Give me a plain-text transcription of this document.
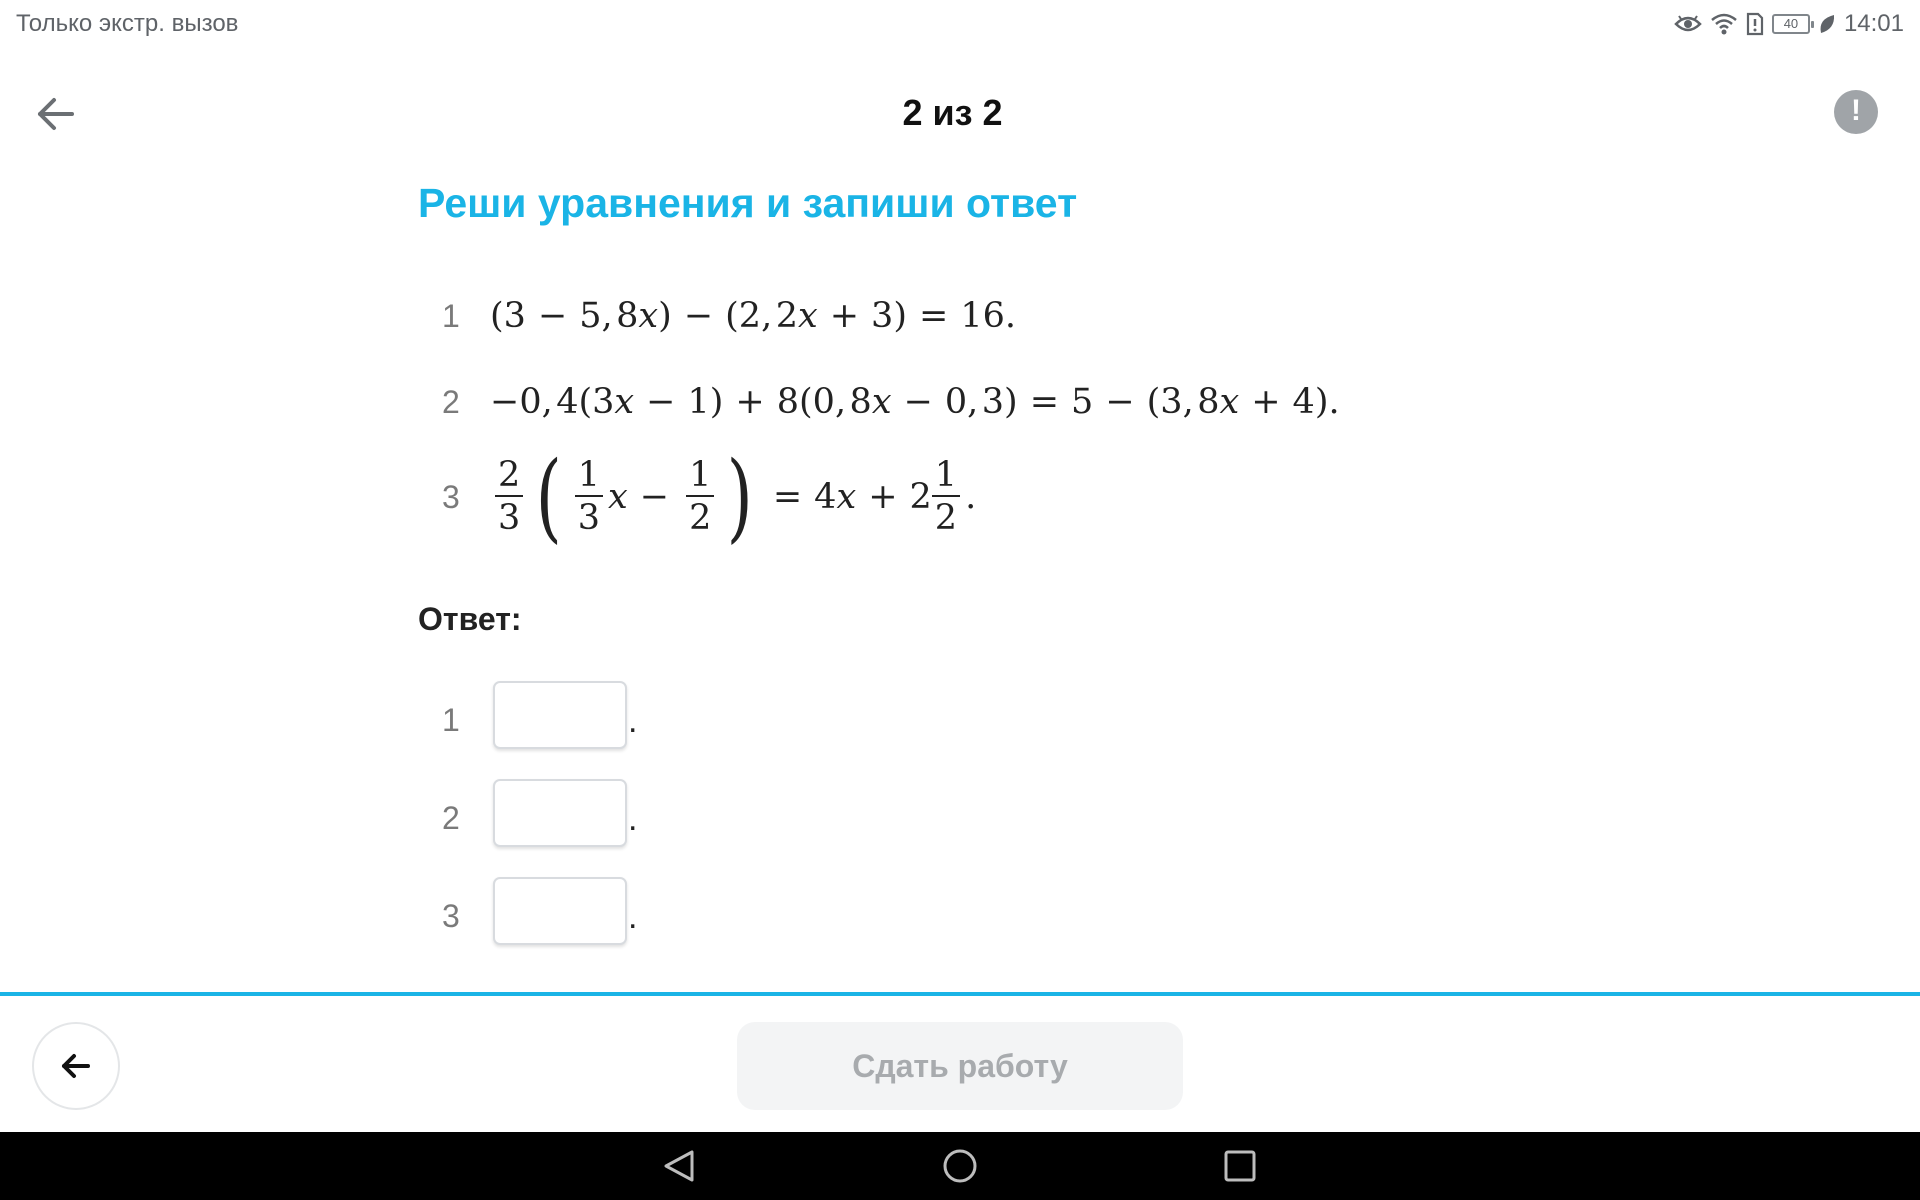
Только экстр. вызов	40	14:01
2 из 2	!
Реши уравнения и запиши ответ
1 (3 − 5, 8x) − (2, 2x + 3) = 16.
2 −0, 4(3x − 1) + 8(0, 8x − 0, 3) = 5 − (3, 8x + 4).
3	$\frac{2}{3}$ ( $\frac{1}{3}$ $x - \frac{1}{2}$ ) = $4x + 2 \frac{1}{2}$ .
Ответ:
1	.
2	.
3	.
Сдать работу
